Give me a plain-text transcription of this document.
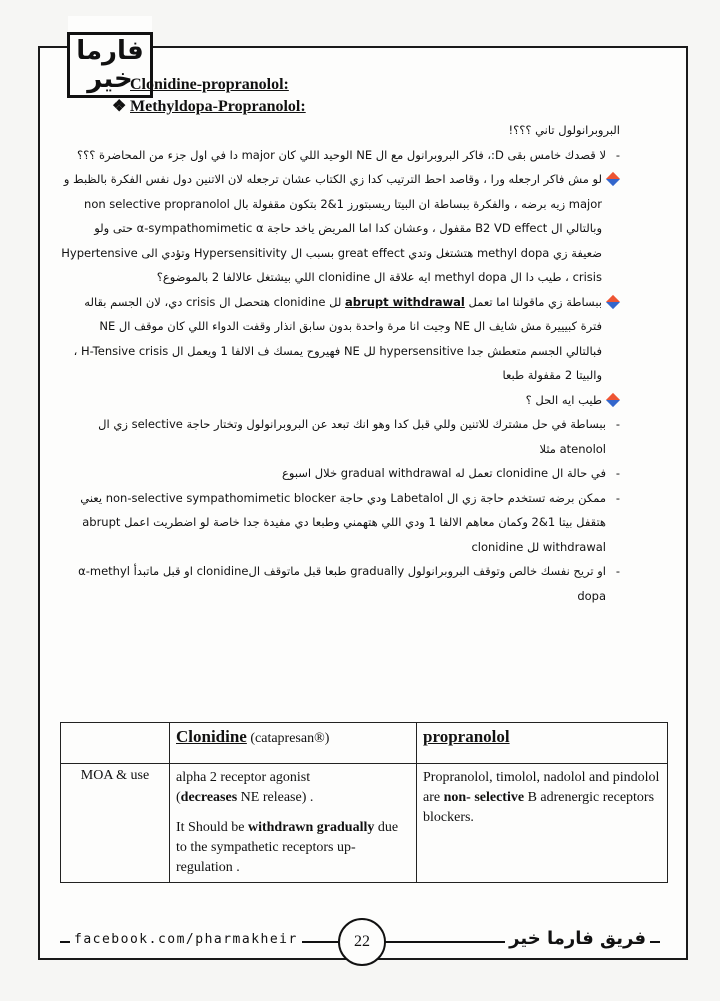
فارما
خير
Clonidine-propranolol:
❖ Methyldopa-Propranolol:

البروبرانولول تاني ؟؟؟!

- لا قصدك خامس بقى D:، فاكر البروبرانول مع ال NE الوحيد اللي كان major دا في اول جزء من المحاضرة ؟؟؟

لو مش فاكر ارجعله ورا ، وقاصد احط الترتيب كدا زي الكتاب عشان ترجعله لان الاتنين دول نفس الفكرة بالظبط و major زيه برضه ، والفكرة ببساطة ان البيتا ريسبتورز 1&2 بتكون مقفولة بال non selective propranolol وبالتالي ال B2 VD effect مقفول ، وعشان كدا اما المريض ياخد حاجة α-sympathomimetic α حتى ولو ضعيفة زي methyl dopa هتشتغل وتدي great effect بسبب ال Hypersensitivity وتؤدي الى Hypertensive crisis ، طيب دا ال methyl dopa ايه علاقة ال clonidine اللي بيشتغل عالالفا 2 بالموضوع؟

ببساطة زي ماقولنا اما تعمل abrupt withdrawal لل clonidine هتحصل ال crisis دي، لان الجسم بقاله فترة كبيييرة مش شايف ال NE وجيت انا مرة واحدة بدون سابق انذار وقفت الدواء اللي كان موقف ال NE فبالتالي الجسم متعطش جدا hypersensitive لل NE فهيروح يمسك ف الالفا 1 ويعمل ال H-Tensive crisis ، والبيتا 2 مقفولة طبعا

طيب ايه الحل ؟

- ببساطة في حل مشترك للاتنين وللي قبل كدا وهو انك تبعد عن البروبرانولول وتختار حاجة selective زي ال atenolol مثلا

- في حالة ال clonidine تعمل له gradual withdrawal خلال اسبوع

- ممكن برضه تستخدم حاجة زي ال Labetalol ودي حاجة non-selective sympathomimetic blocker يعني هتقفل بيتا 1&2 وكمان معاهم الالفا 1 ودي اللي هتهمني وطبعا دي مفيدة جدا خاصة لو اضطريت اعمل abrupt withdrawal لل clonidine

- او تريح نفسك خالص وتوقف البروبرانولول gradually طبعا قبل ماتوقف الclonidine او قبل ماتبدأ α-methyl dopa

	Clonidine (catapresan®)	propranolol
MOA & use	alpha 2 receptor agonist
(decreases NE release) .
It Should be withdrawn gradually due to the sympathetic receptors up-regulation .	Propranolol, timolol, nadolol and pindolol are non- selective B adrenergic receptors blockers.
facebook.com/pharmakheir	22	فريق فارما خير
